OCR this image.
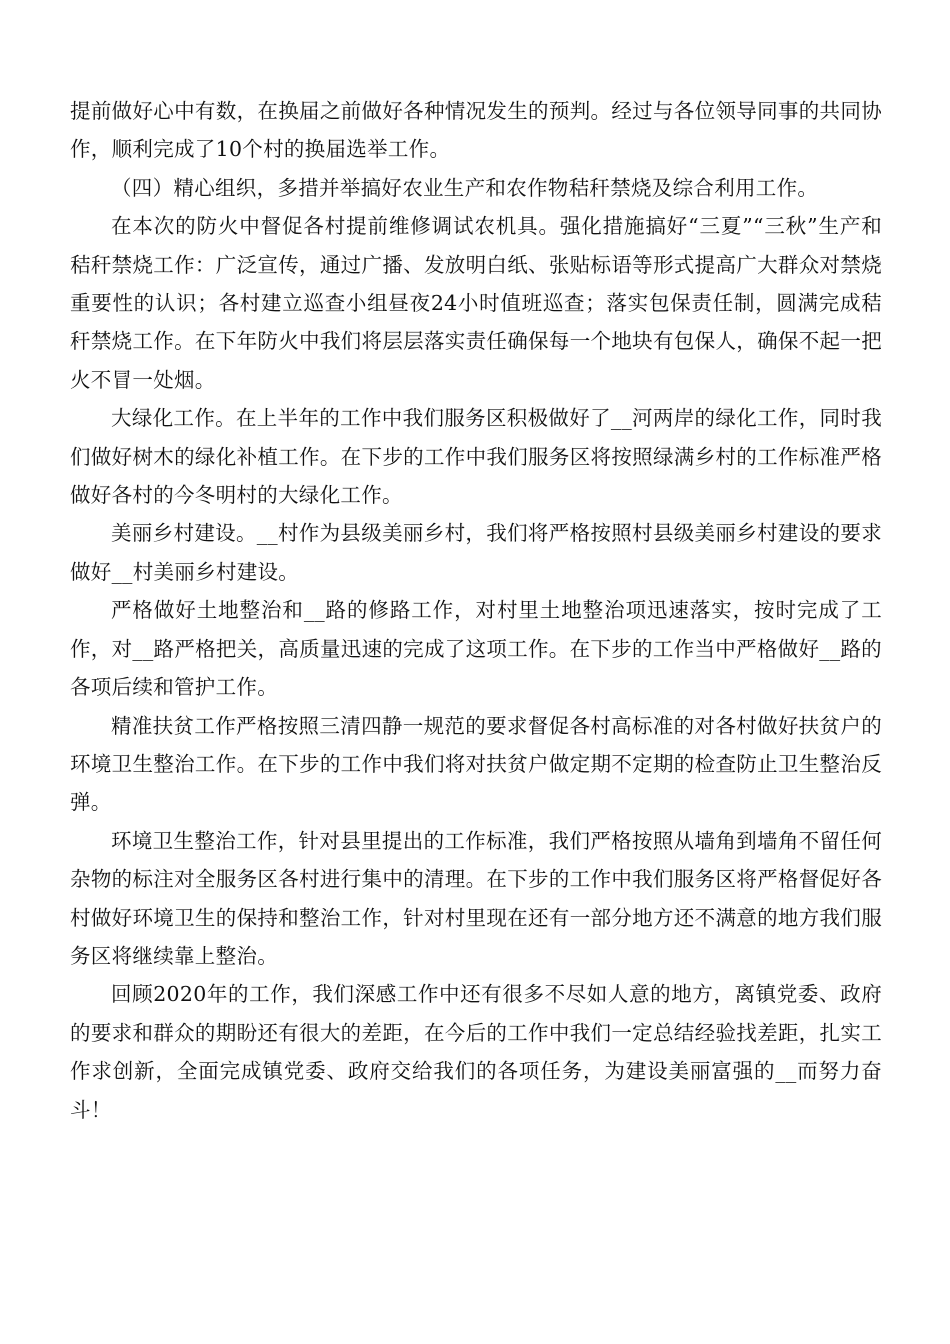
提前做好心中有数，在换届之前做好各种情况发生的预判。经过与各位领导同事的共同协作，顺利完成了10个村的换届选举工作。

（四）精心组织，多措并举搞好农业生产和农作物秸秆禁烧及综合利用工作。

在本次的防火中督促各村提前维修调试农机具。强化措施搞好“三夏”“三秋”生产和秸秆禁烧工作：广泛宣传，通过广播、发放明白纸、张贴标语等形式提高广大群众对禁烧重要性的认识；各村建立巡查小组昼夜24小时值班巡查；落实包保责任制，圆满完成秸秆禁烧工作。在下年防火中我们将层层落实责任确保每一个地块有包保人，确保不起一把火不冒一处烟。

大绿化工作。在上半年的工作中我们服务区积极做好了__河两岸的绿化工作，同时我们做好树木的绿化补植工作。在下步的工作中我们服务区将按照绿满乡村的工作标准严格做好各村的今冬明村的大绿化工作。

美丽乡村建设。__村作为县级美丽乡村，我们将严格按照村县级美丽乡村建设的要求做好__村美丽乡村建设。

严格做好土地整治和__路的修路工作，对村里土地整治项迅速落实，按时完成了工作，对__路严格把关，高质量迅速的完成了这项工作。在下步的工作当中严格做好__路的各项后续和管护工作。

精准扶贫工作严格按照三清四静一规范的要求督促各村高标准的对各村做好扶贫户的环境卫生整治工作。在下步的工作中我们将对扶贫户做定期不定期的检查防止卫生整治反弹。

环境卫生整治工作，针对县里提出的工作标准，我们严格按照从墙角到墙角不留任何杂物的标注对全服务区各村进行集中的清理。在下步的工作中我们服务区将严格督促好各村做好环境卫生的保持和整治工作，针对村里现在还有一部分地方还不满意的地方我们服务区将继续靠上整治。

回顾2020年的工作，我们深感工作中还有很多不尽如人意的地方，离镇党委、政府的要求和群众的期盼还有很大的差距，在今后的工作中我们一定总结经验找差距，扎实工作求创新，全面完成镇党委、政府交给我们的各项任务，为建设美丽富强的__而努力奋斗！
